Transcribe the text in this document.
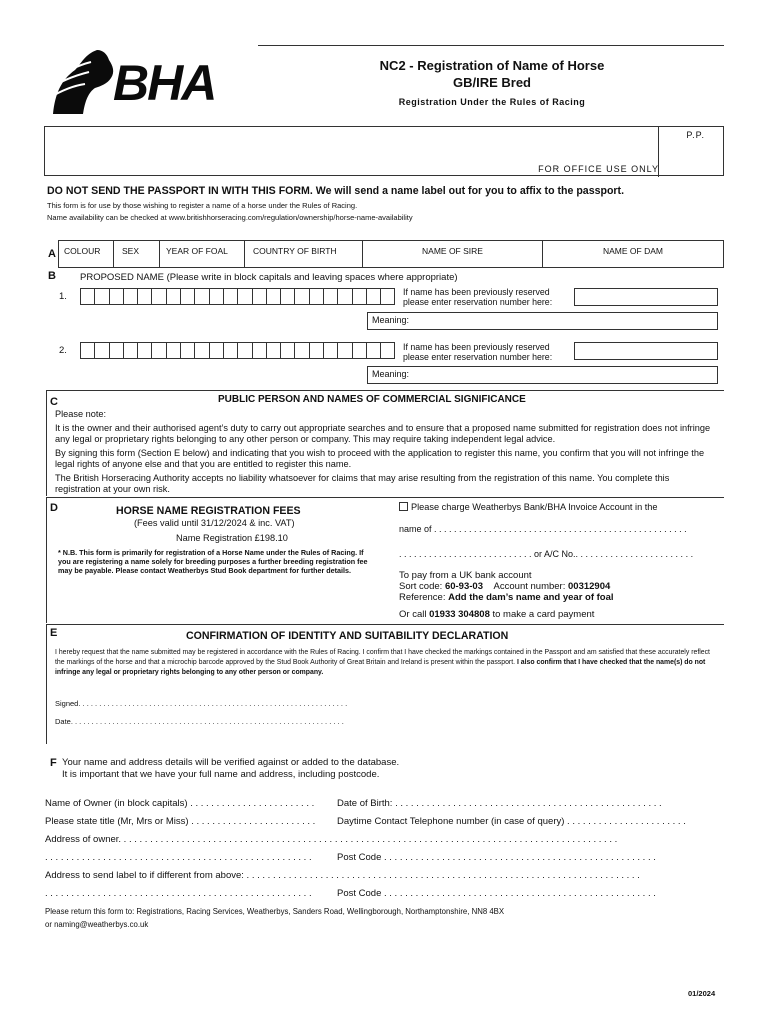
BHA	NC2 - Registration of Name of Horse
GB/IRE Bred
Registration Under the Rules of Racing
P.P.
FOR OFFICE USE ONLY
DO NOT SEND THE PASSPORT IN WITH THIS FORM. We will send a name label out for you to affix to the passport.
This form is for use by those wishing to register a name of a horse under the Rules of Racing.
Name availability can be checked at www.britishhorseracing.com/regulation/ownership/horse-name-availability
A COLOUR	SEX	YEAR OF FOAL	COUNTRY OF BIRTH	NAME OF SIRE	NAME OF DAM
B	PROPOSED NAME (Please write in block capitals and leaving spaces where appropriate)
1.	If name has been previously reserved
please enter reservation number here:
Meaning:
2.	If name has been previously reserved
please enter reservation number here:
Meaning:
C	PUBLIC PERSON AND NAMES OF COMMERCIAL SIGNIFICANCE
Please note:
It is the owner and their authorised agent’s duty to carry out appropriate searches and to ensure that a proposed name submitted for registration does not infringe any legal or proprietary rights belonging to any other person or company. This may require taking independent legal advice.
By signing this form (Section E below) and indicating that you wish to proceed with the application to register this name, you confirm that you will not infringe the legal rights of anyone else and that you are entitled to register this name.
The British Horseracing Authority accepts no liability whatsoever for claims that may arise resulting from the registration of this name. You complete this registration at your own risk.
D	HORSE NAME REGISTRATION FEES
(Fees valid until 31/12/2024 & inc. VAT)
Name Registration £198.10
* N.B. This form is primarily for registration of a Horse Name under the Rules of Racing. If you are registering a name solely for breeding purposes a further breeding registration fee may be payable. Please contact Weatherbys Stud Book department for further details.
Please charge Weatherbys Bank/BHA Invoice Account in the
name of . . . . . . . . . . . . . . . . . . . . . . . . . . . . . . . . . . . . . . . . . . . . . . . . . . .
. . . . . . . . . . . . . . . . . . . . . . . . . . . or A/C No.. . . . . . . . . . . . . . . . . . . . . . . .
To pay from a UK bank account
Sort code: 60-93-03 Account number: 00312904
Reference: Add the dam’s name and year of foal
Or call 01933 304808 to make a card payment
E	CONFIRMATION OF IDENTITY AND SUITABILITY DECLARATION
I hereby request that the name submitted may be registered in accordance with the Rules of Racing. I confirm that I have checked the markings contained in the Passport and am satisfied that these accurately reflect the markings of the horse and that a microchip barcode approved by the Stud Book Authority of Great Britain and Ireland is present within the passport. I also confirm that I have checked that the name(s) do not infringe any legal or proprietary rights belonging to any other person or company.
Signed. . . . . . . . . . . . . . . . . . . . . . . . . . . . . . . . . . . . . . . . . . . . . . . . . . . . . . . . . . . . . . . . .
Date. . . . . . . . . . . . . . . . . . . . . . . . . . . . . . . . . . . . . . . . . . . . . . . . . . . . . . . . . . . . . . . . . .
F Your name and address details will be verified against or added to the database.
It is important that we have your full name and address, including postcode.
Name of Owner (in block capitals) . . . . . . . . . . . . . . . . . . . . . . . . Date of Birth: . . . . . . . . . . . . . . . . . . . . . . . . . . . . . . . . . . . . . . . . . . . . . . . . . . .
Please state title (Mr, Mrs or Miss) . . . . . . . . . . . . . . . . . . . . . . . . Daytime Contact Telephone number (in case of query) . . . . . . . . . . . . . . . . . . . . . . .
Address of owner. . . . . . . . . . . . . . . . . . . . . . . . . . . . . . . . . . . . . . . . . . . . . . . . . . . . . . . . . . . . . . . . . . . . . . . . . . . . . . . . . . . . . . . . . . . . . . .
. . . . . . . . . . . . . . . . . . . . . . . . . . . . . . . . . . . . . . . . . . . . . . . . . . .	Post Code . . . . . . . . . . . . . . . . . . . . . . . . . . . . . . . . . . . . . . . . . . . . . . . . . . . .
Address to send label to if different from above: . . . . . . . . . . . . . . . . . . . . . . . . . . . . . . . . . . . . . . . . . . . . . . . . . . . . . . . . . . . . . . . . . . . . . . . . . . .
. . . . . . . . . . . . . . . . . . . . . . . . . . . . . . . . . . . . . . . . . . . . . . . . . . .	Post Code . . . . . . . . . . . . . . . . . . . . . . . . . . . . . . . . . . . . . . . . . . . . . . . . . . . .
Please return this form to: Registrations, Racing Services, Weatherbys, Sanders Road, Wellingborough, Northamptonshire, NN8 4BX
or naming@weatherbys.co.uk
01/2024
